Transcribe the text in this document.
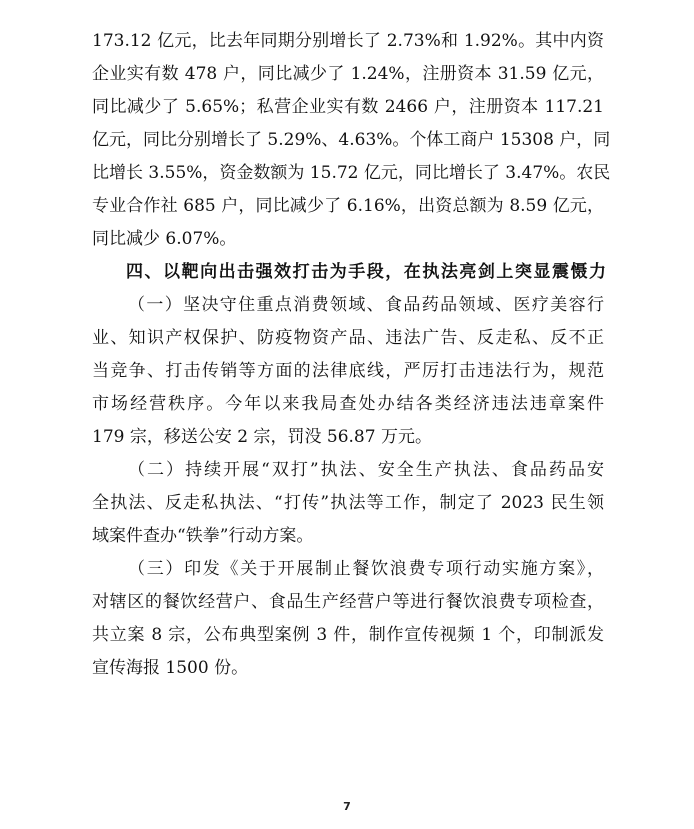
173.12 亿元，比去年同期分别增长了 2.73%和 1.92%。其中内资
企业实有数 478 户，同比减少了 1.24%，注册资本 31.59 亿元，
同比减少了 5.65%；私营企业实有数 2466 户，注册资本 117.21
亿元，同比分别增长了 5.29%、4.63%。个体工商户 15308 户，同
比增长 3.55%，资金数额为 15.72 亿元，同比增长了 3.47%。农民
专业合作社 685 户，同比减少了 6.16%，出资总额为 8.59 亿元，
同比减少 6.07%。
四、以靶向出击强效打击为手段，在执法亮剑上突显震慑力
（一）坚决守住重点消费领域、食品药品领域、医疗美容行
业、知识产权保护、防疫物资产品、违法广告、反走私、反不正
当竞争、打击传销等方面的法律底线，严厉打击违法行为，规范
市场经营秩序。今年以来我局查处办结各类经济违法违章案件
179 宗，移送公安 2 宗，罚没 56.87 万元。
（二）持续开展“双打”执法、安全生产执法、食品药品安
全执法、反走私执法、“打传”执法等工作，制定了 2023 民生领
域案件查办“铁拳”行动方案。
（三）印发《关于开展制止餐饮浪费专项行动实施方案》，
对辖区的餐饮经营户、食品生产经营户等进行餐饮浪费专项检查，
共立案 8 宗，公布典型案例 3 件，制作宣传视频 1 个，印制派发
宣传海报 1500 份。
7
